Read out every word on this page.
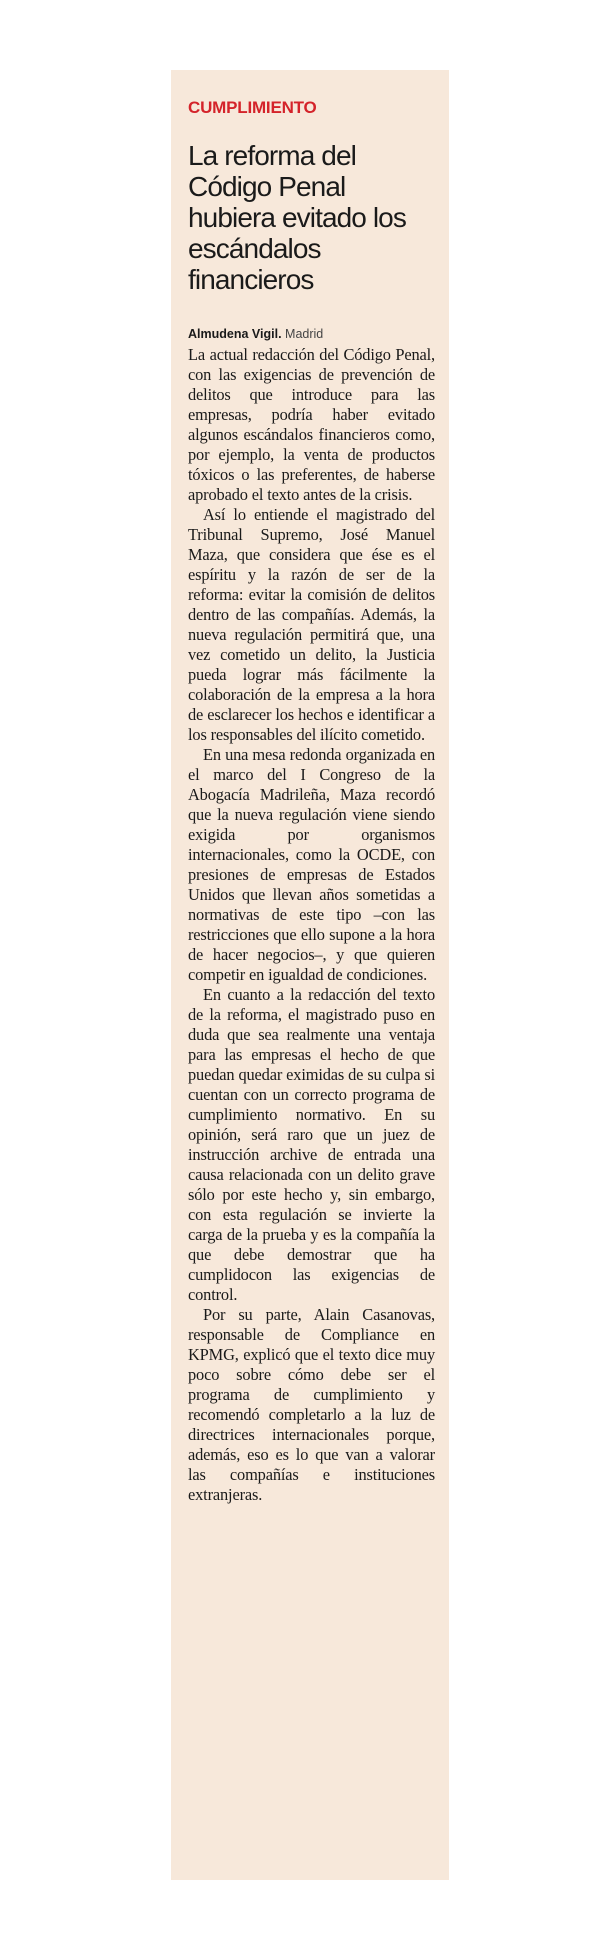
CUMPLIMIENTO
La reforma del Código Penal hubiera evitado los escándalos financieros
Almudena Vigil. Madrid

La actual redacción del Código Penal, con las exigencias de prevención de delitos que introduce para las empresas, podría haber evitado algunos escándalos financieros como, por ejemplo, la venta de productos tóxicos o las preferentes, de haberse aprobado el texto antes de la crisis.

Así lo entiende el magistrado del Tribunal Supremo, José Manuel Maza, que considera que ése es el espíritu y la razón de ser de la reforma: evitar la comisión de delitos dentro de las compañías. Además, la nueva regulación permitirá que, una vez cometido un delito, la Justicia pueda lograr más fácilmente la colaboración de la empresa a la hora de esclarecer los hechos e identificar a los responsables del ilícito cometido.

En una mesa redonda organizada en el marco del I Congreso de la Abogacía Madrileña, Maza recordó que la nueva regulación viene siendo exigida por organismos internacionales, como la OCDE, con presiones de empresas de Estados Unidos que llevan años sometidas a normativas de este tipo –con las restricciones que ello supone a la hora de hacer negocios–, y que quieren competir en igualdad de condiciones.

En cuanto a la redacción del texto de la reforma, el magistrado puso en duda que sea realmente una ventaja para las empresas el hecho de que puedan quedar eximidas de su culpa si cuentan con un correcto programa de cumplimiento normativo. En su opinión, será raro que un juez de instrucción archive de entrada una causa relacionada con un delito grave sólo por este hecho y, sin embargo, con esta regulación se invierte la carga de la prueba y es la compañía la que debe demostrar que ha cumplidocon las exigencias de control.

Por su parte, Alain Casanovas, responsable de Compliance en KPMG, explicó que el texto dice muy poco sobre cómo debe ser el programa de cumplimiento y recomendó completarlo a la luz de directrices internacionales porque, además, eso es lo que van a valorar las compañías e instituciones extranjeras.
